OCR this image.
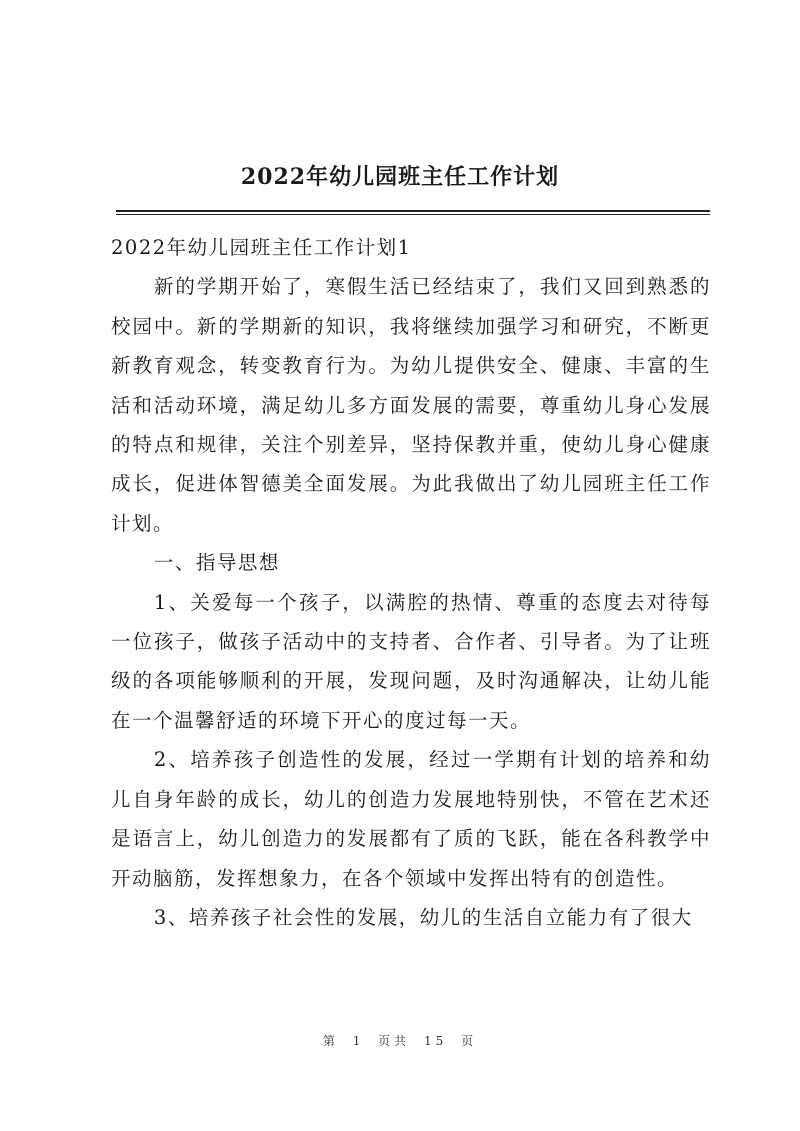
2022年幼儿园班主任工作计划

2022年幼儿园班主任工作计划1

新的学期开始了，寒假生活已经结束了，我们又回到熟悉的校园中。新的学期新的知识，我将继续加强学习和研究，不断更新教育观念，转变教育行为。为幼儿提供安全、健康、丰富的生活和活动环境，满足幼儿多方面发展的需要，尊重幼儿身心发展的特点和规律，关注个别差异，坚持保教并重，使幼儿身心健康成长，促进体智德美全面发展。为此我做出了幼儿园班主任工作计划。

一、指导思想

1、关爱每一个孩子，以满腔的热情、尊重的态度去对待每一位孩子，做孩子活动中的支持者、合作者、引导者。为了让班级的各项能够顺利的开展，发现问题，及时沟通解决，让幼儿能在一个温馨舒适的环境下开心的度过每一天。

2、培养孩子创造性的发展，经过一学期有计划的培养和幼儿自身年龄的成长，幼儿的创造力发展地特别快，不管在艺术还是语言上，幼儿创造力的发展都有了质的飞跃，能在各科教学中开动脑筋，发挥想象力，在各个领域中发挥出特有的创造性。

3、培养孩子社会性的发展，幼儿的生活自立能力有了很大

第 1 页共 15 页
